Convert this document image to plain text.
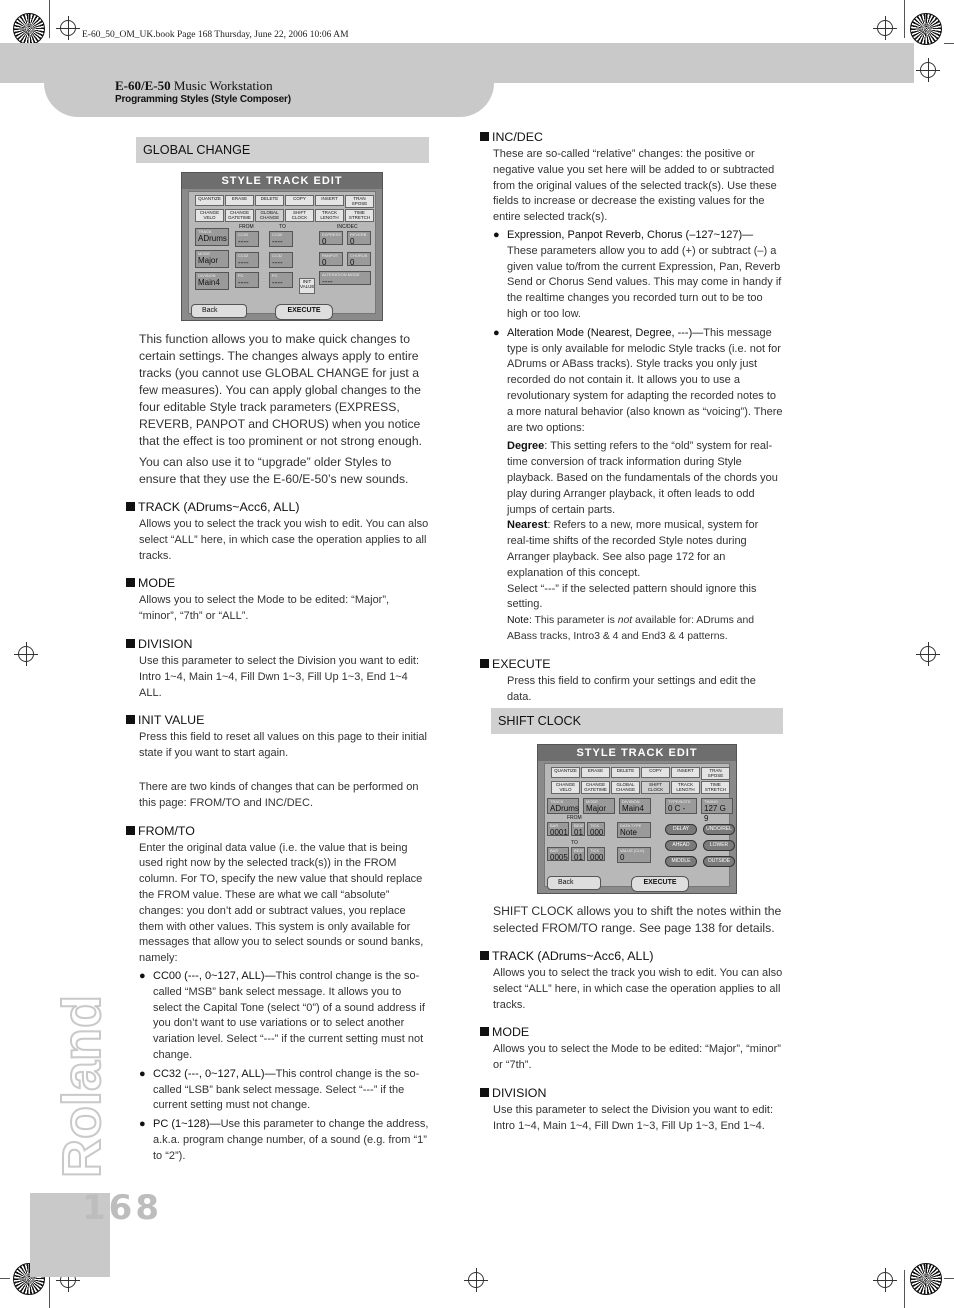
E-60_50_OM_UK.book Page 168 Thursday, June 22, 2006 10:06 AM
E-60/E-50 Music Workstation
Programming Styles (Style Composer)
GLOBAL CHANGE
STYLE TRACK EDIT
QUANTIZE	ERASE	DELETE	COPY	INSERT	TRAN SPOSE
CHANGE VELO
CHANGE GATETIME
GLOBAL CHANGE
SHIFT CLOCK
TRACK LENGTH
TIME STRETCH
FROM	TO	INC/DEC
TRACK
ADrums
MODE
Major
DIVISION
Main4
CC00
----
CC00
----
CC32
----
CC32
----
PC
----
PC
----
EXPRESS
0
REVERB
0
PANPOT
0
CHORUS
0
ALTERATION MODE
----
INIT VALUE
Back	EXECUTE

This function allows you to make quick changes to certain settings. The changes always apply to entire tracks (you cannot use GLOBAL CHANGE for just a few measures). You can apply global changes to the four editable Style track parameters (EXPRESS, REVERB, PANPOT and CHORUS) when you notice that the effect is too prominent or not strong enough.

You can also use it to “upgrade” older Styles to ensure that they use the E-60/E-50’s new sounds.

TRACK (ADrums~Acc6, ALL)
Allows you to select the track you wish to edit. You can also select “ALL” here, in which case the operation applies to all tracks.
MODE
Allows you to select the Mode to be edited: “Major”, “minor”, “7th” or “ALL”.
DIVISION
Use this parameter to select the Division you want to edit: Intro 1~4, Main 1~4, Fill Dwn 1~3, Fill Up 1~3, End 1~4 ALL.
INIT VALUE
Press this field to reset all values on this page to their initial state if you want to start again.
There are two kinds of changes that can be performed on this page: FROM/TO and INC/DEC.
FROM/TO
Enter the original data value (i.e. the value that is being used right now by the selected track(s)) in the FROM column. For TO, specify the new value that should replace the FROM value. These are what we call “absolute” changes: you don’t add or subtract values, you replace them with other values. This system is only available for messages that allow you to select sounds or sound banks, namely:
● CC00 (---, 0~127, ALL)—This control change is the so-called “MSB” bank select message. It allows you to select the Capital Tone (select “0”) of a sound address if you don’t want to use variations or to select another variation level. Select “---” if the current setting must not change.
● CC32 (---, 0~127, ALL)—This control change is the so-called “LSB” bank select message. Select “---” if the current setting must not change.
● PC (1~128)—Use this parameter to change the address, a.k.a. program change number, of a sound (e.g. from “1” to “2”).
INC/DEC
These are so-called “relative” changes: the positive or negative value you set here will be added to or subtracted from the original values of the selected track(s). Use these fields to increase or decrease the existing values for the entire selected track(s).
● Expression, Panpot Reverb, Chorus (–127~127)—These parameters allow you to add (+) or subtract (–) a given value to/from the current Expression, Pan, Reverb Send or Chorus Send values. This may come in handy if the realtime changes you recorded turn out to be too high or too low.
● Alteration Mode (Nearest, Degree, ---)—This message type is only available for melodic Style tracks (i.e. not for ADrums or ABass tracks). Style tracks you only just recorded do not contain it. It allows you to use a revolutionary system for adapting the recorded notes to a more natural behavior (also known as “voicing”). There are two options:
Degree: This setting refers to the “old” system for real-time conversion of track information during Style playback. Based on the fundamentals of the chords you play during Arranger playback, it often leads to odd jumps of certain parts.
Nearest: Refers to a new, more musical, system for real-time shifts of the recorded Style notes during Arranger playback. See also page 172 for an explanation of this concept.
Select “---” if the selected pattern should ignore this setting.
Note: This parameter is not available for: ADrums and ABass tracks, Intro3 & 4 and End3 & 4 patterns.
EXECUTE
Press this field to confirm your settings and edit the data.
SHIFT CLOCK
STYLE TRACK EDIT
QUANTIZE	ERASE	DELETE	COPY	INSERT	TRAN SPOSE
CHANGE VELO
CHANGE GATETIME
GLOBAL CHANGE
SHIFT CLOCK
TRACK LENGTH
TIME STRETCH
TRACK
ADrums
MODE
Major
DIVISION
Main4
TYPE/NOTE
0 C -
TIMING
127 G 9
FROM
BAR
0001
BEAT
01
TICK
000
TO
BAR
0005
BEAT
01
TICK
000
DATA TYPE
Note
VALUE (CLK)
0
DELAY	UNDO/REL
AHEAD	LOWER
MIDDLE	OUTSIDE
Back	EXECUTE

SHIFT CLOCK allows you to shift the notes within the selected FROM/TO range. See page 138 for details.

TRACK (ADrums~Acc6, ALL)
Allows you to select the track you wish to edit. You can also select “ALL” here, in which case the operation applies to all tracks.
MODE
Allows you to select the Mode to be edited: “Major”, “minor” or “7th”.
DIVISION
Use this parameter to select the Division you want to edit: Intro 1~4, Main 1~4, Fill Dwn 1~3, Fill Up 1~3, End 1~4.
Roland
168
